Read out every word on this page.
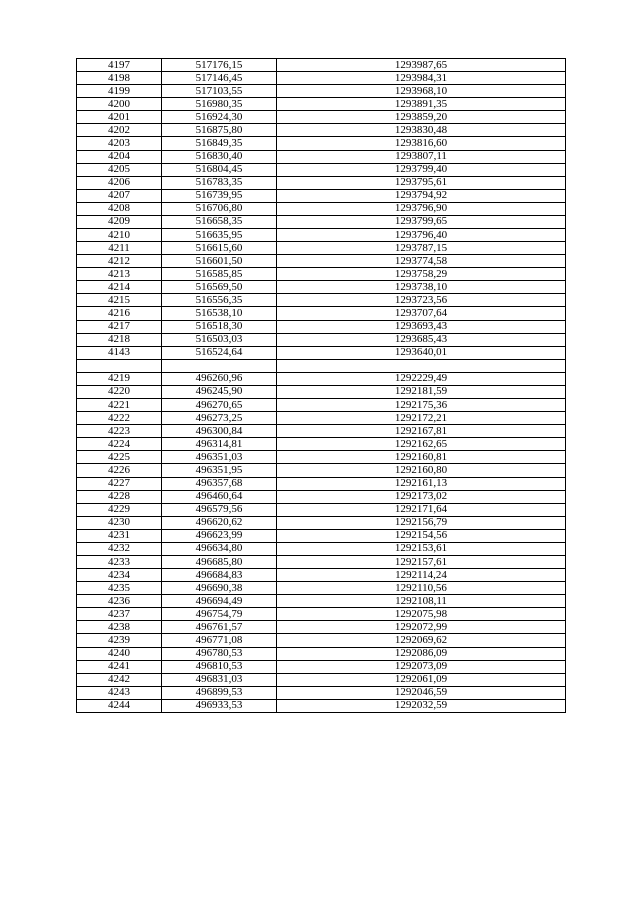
4197	517176,15	1293987,65
4198	517146,45	1293984,31
4199	517103,55	1293968,10
4200	516980,35	1293891,35
4201	516924,30	1293859,20
4202	516875,80	1293830,48
4203	516849,35	1293816,60
4204	516830,40	1293807,11
4205	516804,45	1293799,40
4206	516783,35	1293795,61
4207	516739,95	1293794,92
4208	516706,80	1293796,90
4209	516658,35	1293799,65
4210	516635,95	1293796,40
4211	516615,60	1293787,15
4212	516601,50	1293774,58
4213	516585,85	1293758,29
4214	516569,50	1293738,10
4215	516556,35	1293723,56
4216	516538,10	1293707,64
4217	516518,30	1293693,43
4218	516503,03	1293685,43
4143	516524,64	1293640,01

4219	496260,96	1292229,49
4220	496245,90	1292181,59
4221	496270,65	1292175,36
4222	496273,25	1292172,21
4223	496300,84	1292167,81
4224	496314,81	1292162,65
4225	496351,03	1292160,81
4226	496351,95	1292160,80
4227	496357,68	1292161,13
4228	496460,64	1292173,02
4229	496579,56	1292171,64
4230	496620,62	1292156,79
4231	496623,99	1292154,56
4232	496634,80	1292153,61
4233	496685,80	1292157,61
4234	496684,83	1292114,24
4235	496690,38	1292110,56
4236	496694,49	1292108,11
4237	496754,79	1292075,98
4238	496761,57	1292072,99
4239	496771,08	1292069,62
4240	496780,53	1292086,09
4241	496810,53	1292073,09
4242	496831,03	1292061,09
4243	496899,53	1292046,59
4244	496933,53	1292032,59
